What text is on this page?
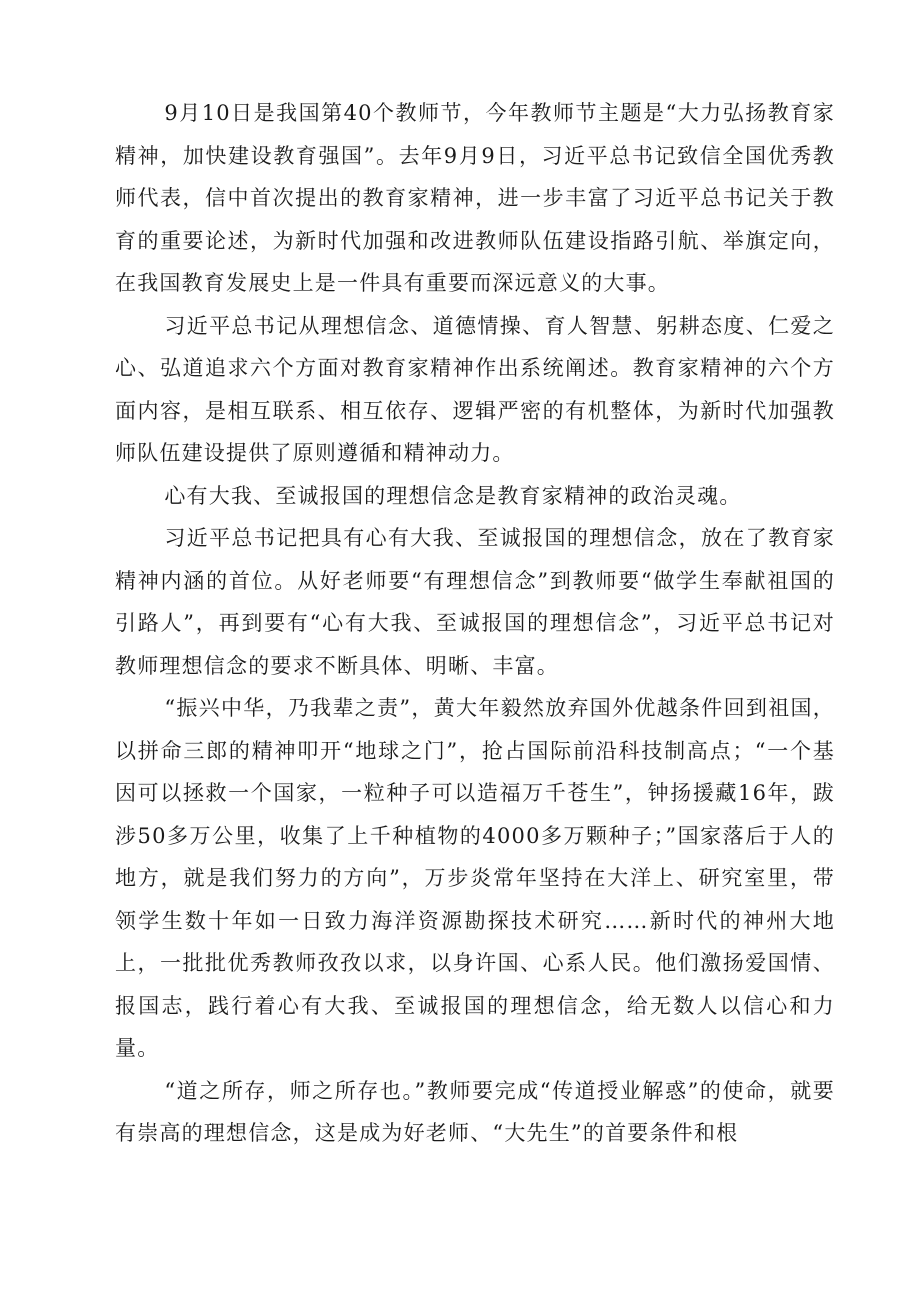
9月10日是我国第40个教师节，今年教师节主题是“大力弘扬教育家精神，加快建设教育强国”。去年9月9日，习近平总书记致信全国优秀教师代表，信中首次提出的教育家精神，进一步丰富了习近平总书记关于教育的重要论述，为新时代加强和改进教师队伍建设指路引航、举旗定向，在我国教育发展史上是一件具有重要而深远意义的大事。

习近平总书记从理想信念、道德情操、育人智慧、躬耕态度、仁爱之心、弘道追求六个方面对教育家精神作出系统阐述。教育家精神的六个方面内容，是相互联系、相互依存、逻辑严密的有机整体，为新时代加强教师队伍建设提供了原则遵循和精神动力。

心有大我、至诚报国的理想信念是教育家精神的政治灵魂。

习近平总书记把具有心有大我、至诚报国的理想信念，放在了教育家精神内涵的首位。从好老师要“有理想信念”到教师要“做学生奉献祖国的引路人”，再到要有“心有大我、至诚报国的理想信念”，习近平总书记对教师理想信念的要求不断具体、明晰、丰富。

“振兴中华，乃我辈之责”，黄大年毅然放弃国外优越条件回到祖国，以拼命三郎的精神叩开“地球之门”，抢占国际前沿科技制高点；“一个基因可以拯救一个国家，一粒种子可以造福万千苍生”，钟扬援藏16年，跋涉50多万公里，收集了上千种植物的4000多万颗种子；”国家落后于人的地方，就是我们努力的方向”，万步炎常年坚持在大洋上、研究室里，带领学生数十年如一日致力海洋资源勘探技术研究……新时代的神州大地上，一批批优秀教师孜孜以求，以身许国、心系人民。他们激扬爱国情、报国志，践行着心有大我、至诚报国的理想信念，给无数人以信心和力量。

“道之所存，师之所存也。”教师要完成“传道授业解惑”的使命，就要有崇高的理想信念，这是成为好老师、“大先生”的首要条件和根
